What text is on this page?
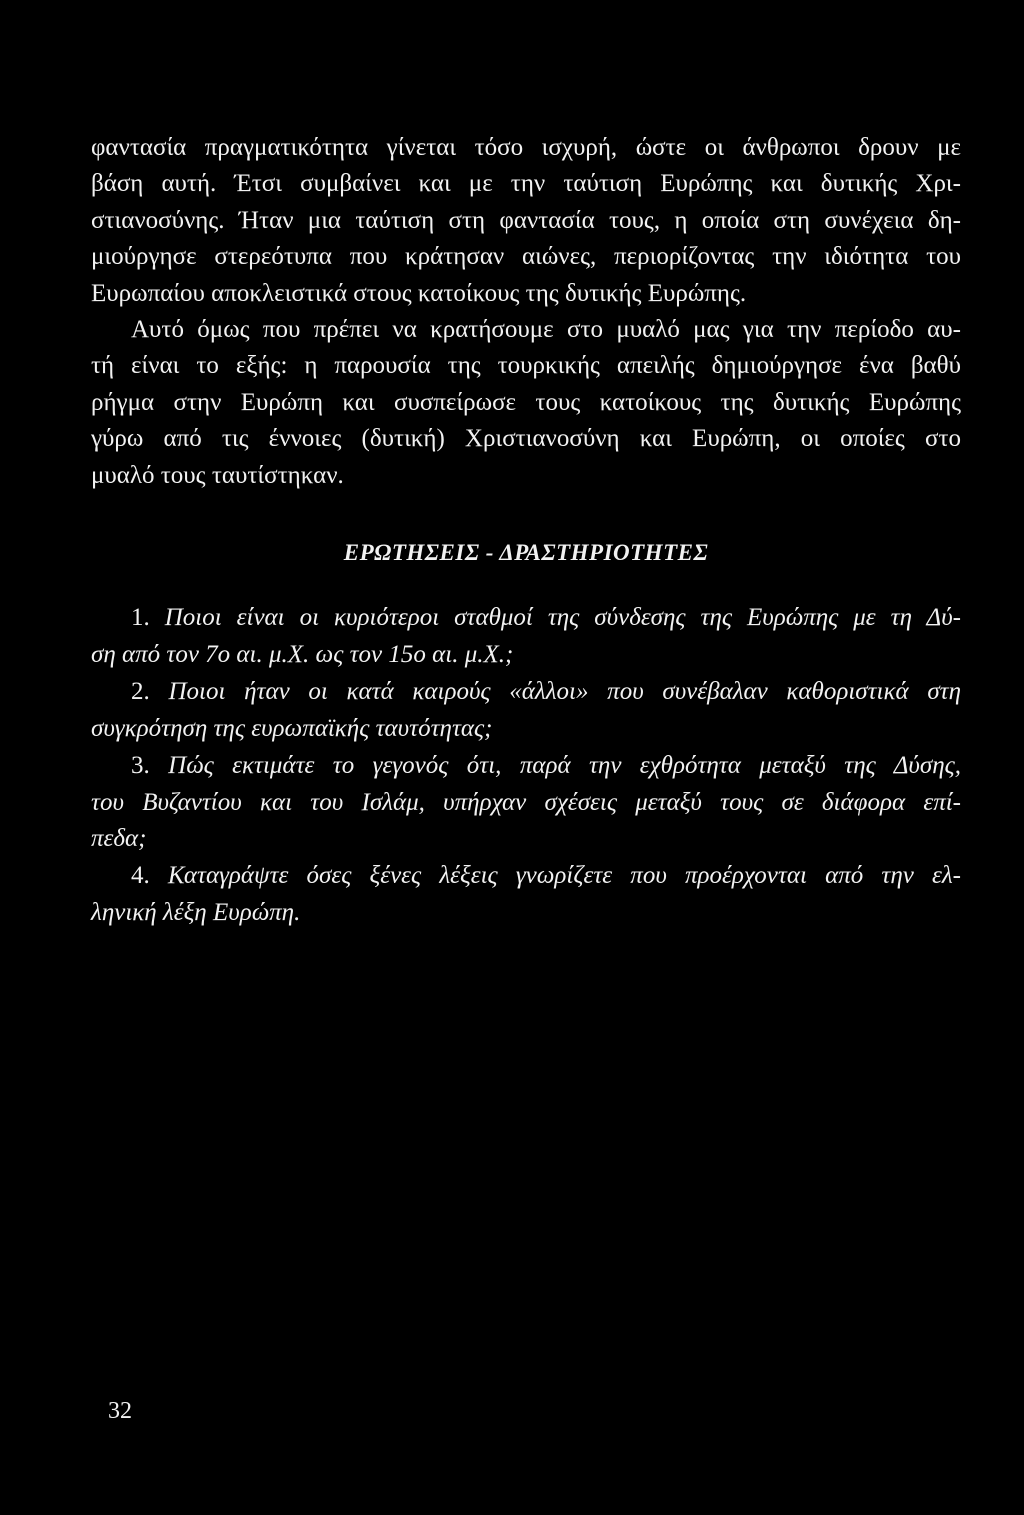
φαντασία πραγματικότητα γίνεται τόσο ισχυρή, ώστε οι άνθρωποι δρουν με
βάση αυτή. Έτσι συμβαίνει και με την ταύτιση Ευρώπης και δυτικής Χρι-
στιανοσύνης. Ήταν μια ταύτιση στη φαντασία τους, η οποία στη συνέχεια δη-
μιούργησε στερεότυπα που κράτησαν αιώνες, περιορίζοντας την ιδιότητα του
Ευρωπαίου αποκλειστικά στους κατοίκους της δυτικής Ευρώπης.
Αυτό όμως που πρέπει να κρατήσουμε στο μυαλό μας για την περίοδο αυ-
τή είναι το εξής: η παρουσία της τουρκικής απειλής δημιούργησε ένα βαθύ
ρήγμα στην Ευρώπη και συσπείρωσε τους κατοίκους της δυτικής Ευρώπης
γύρω από τις έννοιες (δυτική) Χριστιανοσύνη και Ευρώπη, οι οποίες στο
μυαλό τους ταυτίστηκαν.
ΕΡΩΤΗΣΕΙΣ - ΔΡΑΣΤΗΡΙΟΤΗΤΕΣ
1. Ποιοι είναι οι κυριότεροι σταθμοί της σύνδεσης της Ευρώπης με τη Δύ-
ση από τον 7ο αι. μ.Χ. ως τον 15ο αι. μ.Χ.;
2. Ποιοι ήταν οι κατά καιρούς «άλλοι» που συνέβαλαν καθοριστικά στη
συγκρότηση της ευρωπαϊκής ταυτότητας;
3. Πώς εκτιμάτε το γεγονός ότι, παρά την εχθρότητα μεταξύ της Δύσης,
του Βυζαντίου και του Ισλάμ, υπήρχαν σχέσεις μεταξύ τους σε διάφορα επί-
πεδα;
4. Καταγράψτε όσες ξένες λέξεις γνωρίζετε που προέρχονται από την ελ-
ληνική λέξη Ευρώπη.
32
